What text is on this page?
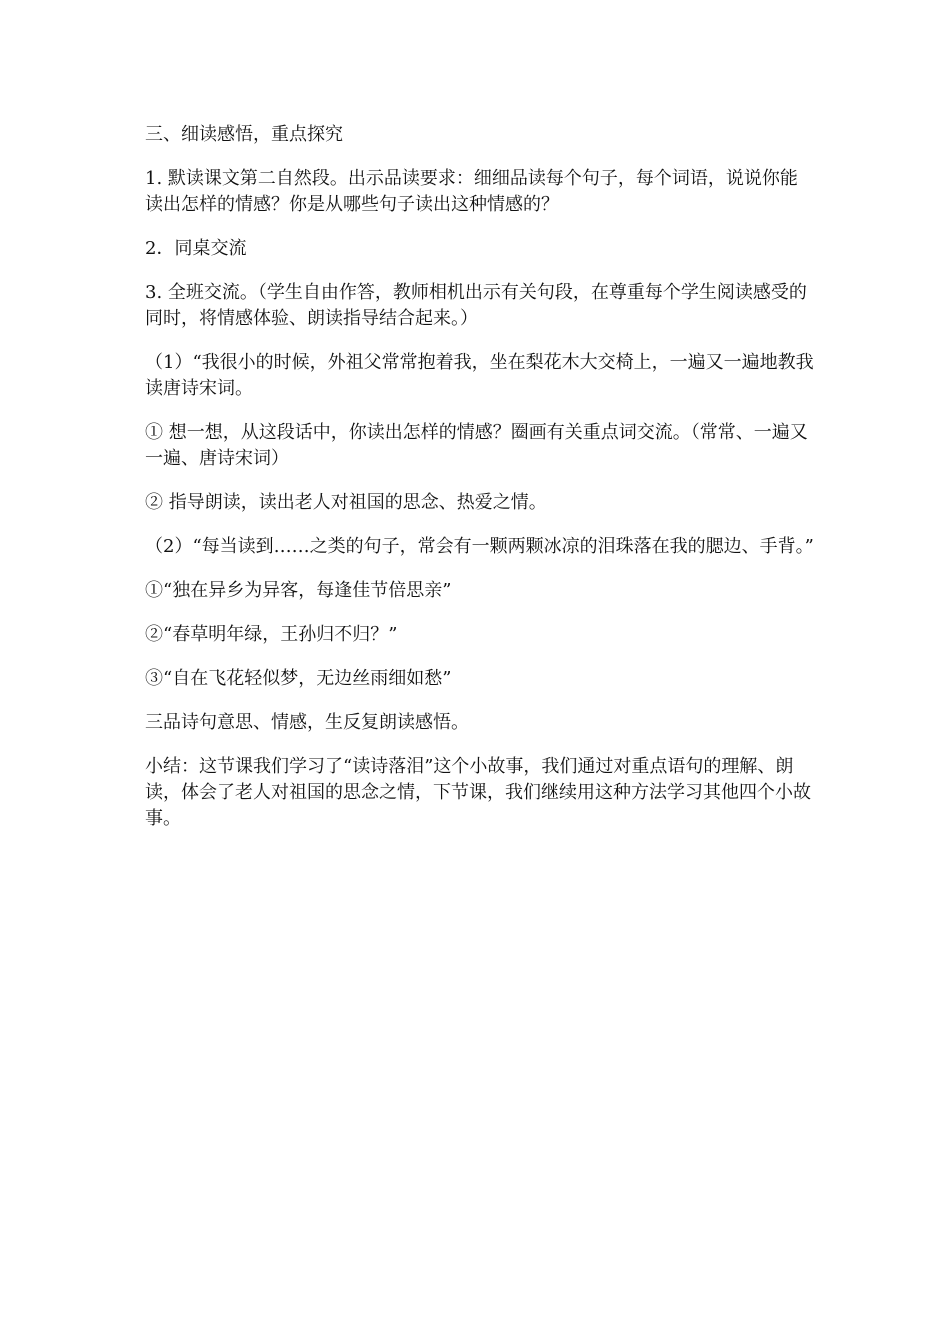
三、细读感悟，重点探究

1. 默读课文第二自然段。出示品读要求：细细品读每个句子，每个词语，说说你能读出怎样的情感？你是从哪些句子读出这种情感的？

2．同桌交流

3. 全班交流。（学生自由作答，教师相机出示有关句段，在尊重每个学生阅读感受的同时，将情感体验、朗读指导结合起来。）

（1）“我很小的时候，外祖父常常抱着我，坐在梨花木大交椅上，一遍又一遍地教我读唐诗宋词。

① 想一想，从这段话中，你读出怎样的情感？圈画有关重点词交流。（常常、一遍又一遍、唐诗宋词）

② 指导朗读，读出老人对祖国的思念、热爱之情。

（2）“每当读到……之类的句子，常会有一颗两颗冰凉的泪珠落在我的腮边、手背。”

①“独在异乡为异客，每逢佳节倍思亲”

②“春草明年绿，王孙归不归？”

③“自在飞花轻似梦，无边丝雨细如愁”

三品诗句意思、情感，生反复朗读感悟。

小结：这节课我们学习了“读诗落泪”这个小故事，我们通过对重点语句的理解、朗读，体会了老人对祖国的思念之情，下节课，我们继续用这种方法学习其他四个小故事。
